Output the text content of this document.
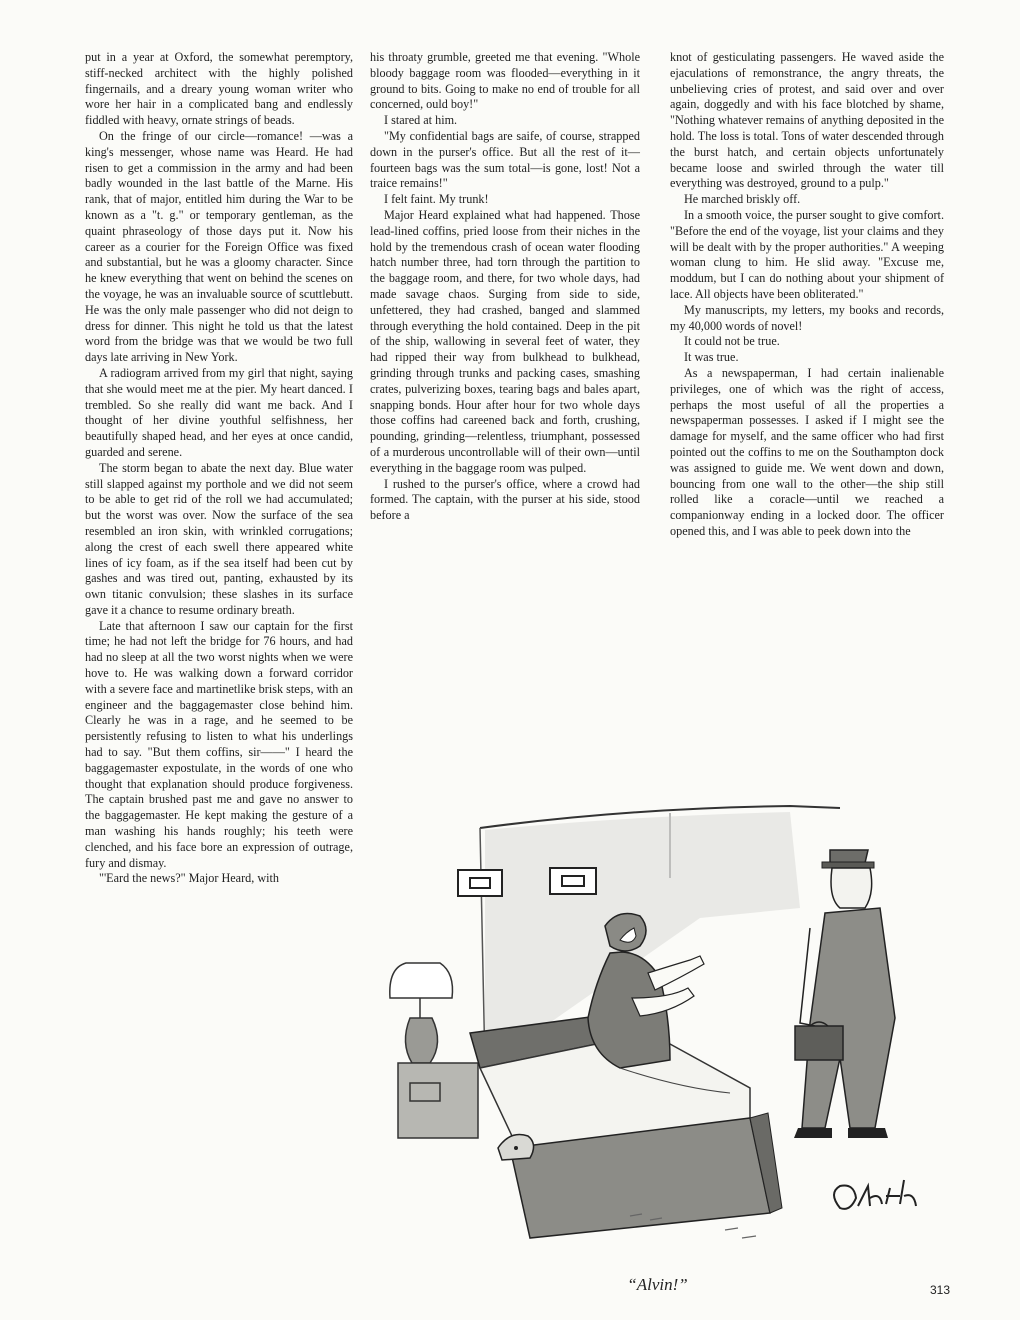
put in a year at Oxford, the somewhat peremptory, stiff-necked architect with the highly polished fingernails, and a dreary young woman writer who wore her hair in a complicated bang and endlessly fiddled with heavy, ornate strings of beads.

On the fringe of our circle—romance! —was a king's messenger, whose name was Heard. He had risen to get a commission in the army and had been badly wounded in the last battle of the Marne. His rank, that of major, entitled him during the War to be known as a "t. g." or temporary gentleman, as the quaint phraseology of those days put it. Now his career as a courier for the Foreign Office was fixed and substantial, but he was a gloomy character. Since he knew everything that went on behind the scenes on the voyage, he was an invaluable source of scuttlebutt. He was the only male passenger who did not deign to dress for dinner. This night he told us that the latest word from the bridge was that we would be two full days late arriving in New York.

A radiogram arrived from my girl that night, saying that she would meet me at the pier. My heart danced. I trembled. So she really did want me back. And I thought of her divine youthful selfishness, her beautifully shaped head, and her eyes at once candid, guarded and serene.

The storm began to abate the next day. Blue water still slapped against my porthole and we did not seem to be able to get rid of the roll we had accumulated; but the worst was over. Now the surface of the sea resembled an iron skin, with wrinkled corrugations; along the crest of each swell there appeared white lines of icy foam, as if the sea itself had been cut by gashes and was tired out, panting, exhausted by its own titanic convulsion; these slashes in its surface gave it a chance to resume ordinary breath.

Late that afternoon I saw our captain for the first time; he had not left the bridge for 76 hours, and had had no sleep at all the two worst nights when we were hove to. He was walking down a forward corridor with a severe face and martinetlike brisk steps, with an engineer and the baggagemaster close behind him. Clearly he was in a rage, and he seemed to be persistently refusing to listen to what his underlings had to say. "But them coffins, sir——" I heard the baggagemaster expostulate, in the words of one who thought that explanation should produce forgiveness. The captain brushed past me and gave no answer to the baggagemaster. He kept making the gesture of a man washing his hands roughly; his teeth were clenched, and his face bore an expression of outrage, fury and dismay.

"'Eard the news?" Major Heard, with

his throaty grumble, greeted me that evening. "Whole bloody baggage room was flooded—everything in it ground to bits. Going to make no end of trouble for all concerned, ould boy!"

I stared at him.

"My confidential bags are saife, of course, strapped down in the purser's office. But all the rest of it—fourteen bags was the sum total—is gone, lost! Not a traice remains!"

I felt faint. My trunk!

Major Heard explained what had happened. Those lead-lined coffins, pried loose from their niches in the hold by the tremendous crash of ocean water flooding hatch number three, had torn through the partition to the baggage room, and there, for two whole days, had made savage chaos. Surging from side to side, unfettered, they had crashed, banged and slammed through everything the hold contained. Deep in the pit of the ship, wallowing in several feet of water, they had ripped their way from bulkhead to bulkhead, grinding through trunks and packing cases, smashing crates, pulverizing boxes, tearing bags and bales apart, snapping bonds. Hour after hour for two whole days those coffins had careened back and forth, crushing, pounding, grinding—relentless, triumphant, possessed of a murderous uncontrollable will of their own—until everything in the baggage room was pulped.

I rushed to the purser's office, where a crowd had formed. The captain, with the purser at his side, stood before a

knot of gesticulating passengers. He waved aside the ejaculations of remonstrance, the angry threats, the unbelieving cries of protest, and said over and over again, doggedly and with his face blotched by shame, "Nothing whatever remains of anything deposited in the hold. The loss is total. Tons of water descended through the burst hatch, and certain objects unfortunately became loose and swirled through the water till everything was destroyed, ground to a pulp."

He marched briskly off.

In a smooth voice, the purser sought to give comfort. "Before the end of the voyage, list your claims and they will be dealt with by the proper authorities." A weeping woman clung to him. He slid away. "Excuse me, moddum, but I can do nothing about your shipment of lace. All objects have been obliterated."

My manuscripts, my letters, my books and records, my 40,000 words of novel!

It could not be true.

It was true.

As a newspaperman, I had certain inalienable privileges, one of which was the right of access, perhaps the most useful of all the properties a newspaperman possesses. I asked if I might see the damage for myself, and the same officer who had first pointed out the coffins to me on the Southampton dock was assigned to guide me. We went down and down, bouncing from one wall to the other—the ship still rolled like a coracle—until we reached a companionway ending in a locked door. The officer opened this, and I was able to peek down into the

“Alvin!”	313
